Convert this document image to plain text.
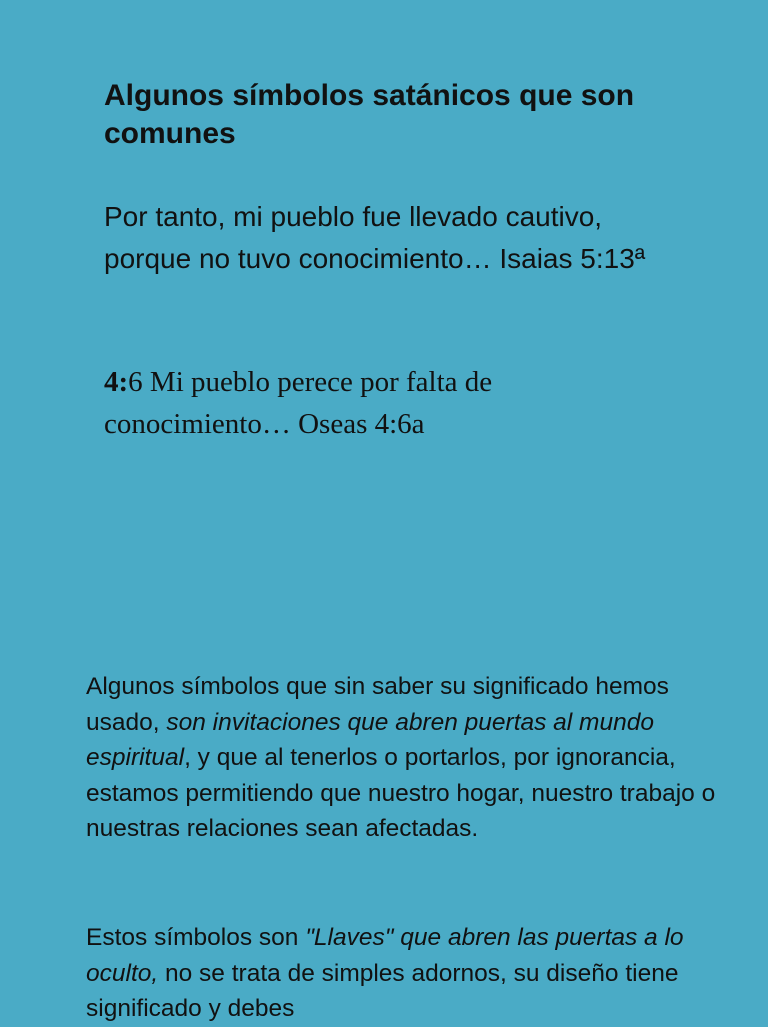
Algunos símbolos satánicos que son comunes

Por tanto, mi pueblo fue llevado cautivo, porque no tuvo conocimiento… Isaias 5:13ª

4:6 Mi pueblo perece por falta de conocimiento… Oseas 4:6a

Algunos símbolos que sin saber su significado hemos usado, son invitaciones que abren puertas al mundo espiritual, y que al tenerlos o portarlos, por ignorancia, estamos permitiendo que nuestro hogar, nuestro trabajo o nuestras relaciones sean afectadas.

Estos símbolos son "Llaves" que abren las puertas a lo oculto, no se trata de simples adornos, su diseño tiene significado y debes
